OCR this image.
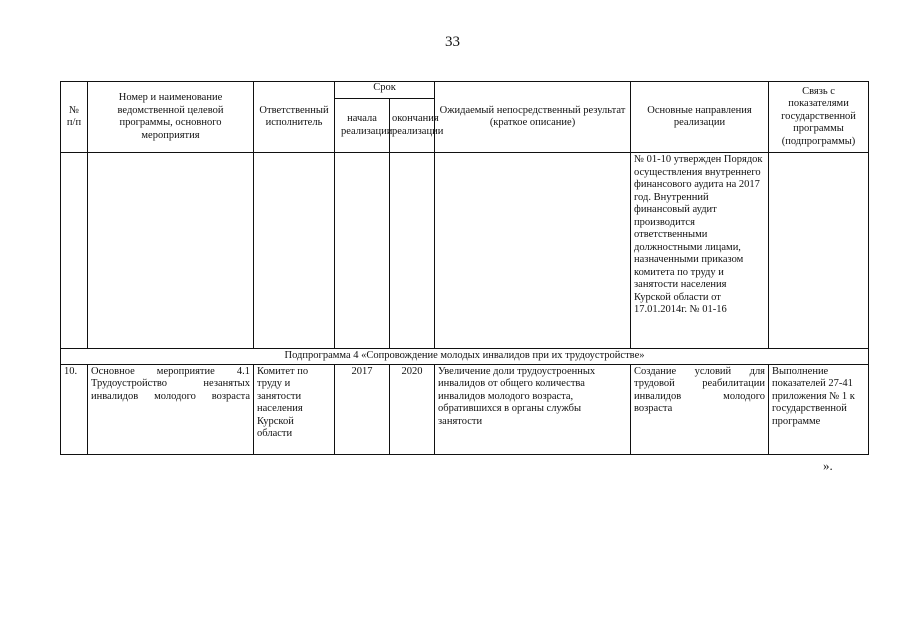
33
№ п/п	Номер и наименование ведомственной целевой программы, основного мероприятия	Ответственный исполнитель	Срок		Ожидаемый непосредственный результат (краткое описание)	Основные направления реализации	Связь с показателями государственной программы (подпрограммы)
			начала реализации	окончания реализации			
						№ 01-10 утвержден Порядок осуществления внутреннего финансового аудита на 2017 год. Внутренний финансовый аудит производится ответственными должностными лицами, назначенными приказом комитета по труду и занятости населения Курской области от 17.01.2014г. № 01-16	
Подпрограмма 4 «Сопровождение молодых инвалидов при их трудоустройстве»							
10.	Основное мероприятие 4.1 Трудоустройство незанятых инвалидов молодого возраста	Комитет по труду и занятости населения Курской области	2017	2020	Увеличение доли трудоустроенных инвалидов от общего количества инвалидов молодого возраста, обратившихся в органы службы занятости	Создание условий для трудовой реабилитации инвалидов молодого возраста	Выполнение показателей 27-41 приложения № 1 к государственной программе
».
